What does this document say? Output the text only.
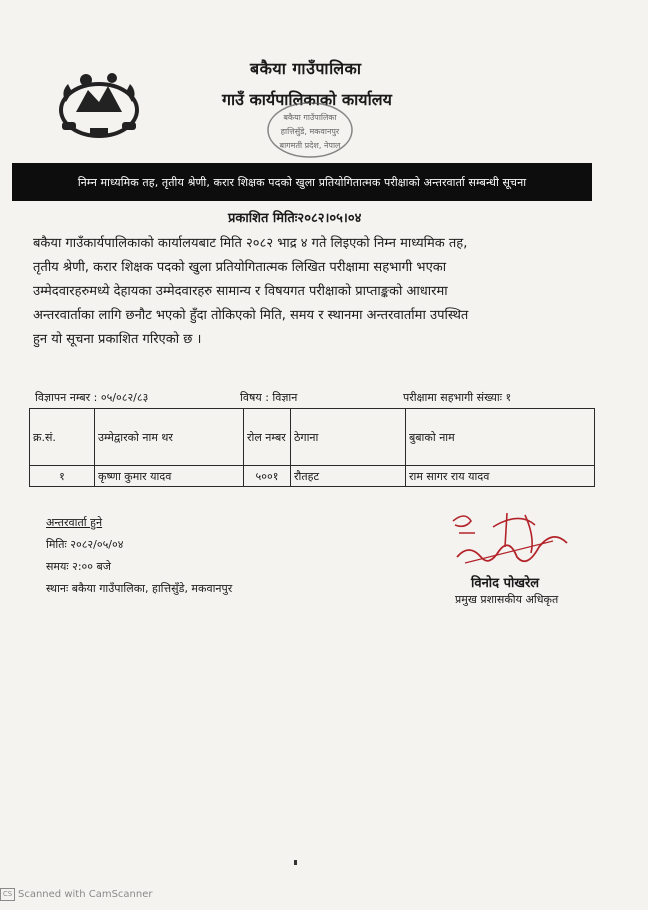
बकैया गाउँपालिका
गाउँ कार्यपालिकाको कार्यालय
बकैया गाउँपालिका
हात्तिसुँडे, मकवानपुर
बागमती प्रदेश, नेपाल
निम्न माध्यमिक तह, तृतीय श्रेणी, करार शिक्षक पदको खुला प्रतियोगितात्मक परीक्षाको अन्तरवार्ता सम्बन्धी सूचना
प्रकाशित मितिः२०८२।०५।०४
बकैया गाउँकार्यपालिकाको कार्यालयबाट मिति २०८२ भाद्र ४ गते लिइएको निम्न माध्यमिक तह,
तृतीय श्रेणी, करार शिक्षक पदको खुला प्रतियोगितात्मक लिखित परीक्षामा सहभागी भएका
उम्मेदवारहरुमध्ये देहायका उम्मेदवारहरु सामान्य र विषयगत परीक्षाको प्राप्ताङ्कको आधारमा
अन्तरवार्ताका लागि छनौट भएको हुँदा तोकिएको मिति, समय र स्थानमा अन्तरवार्तामा उपस्थित
हुन यो सूचना प्रकाशित गरिएको छ ।
विज्ञापन नम्बर : ०५/०८२/८३	विषय : विज्ञान	परीक्षामा सहभागी संख्याः १
क्र.सं.	उम्मेद्वारको नाम थर	रोल नम्बर	ठेगाना	बुबाको नाम
१	कृष्णा कुमार यादव	५००१	रौतहट	राम सागर राय यादव
अन्तरवार्ता हुने
मितिः २०८२/०५/०४
समयः २:०० बजे
स्थानः बकैया गाउँपालिका, हात्तिसुँडे, मकवानपुर	विनोद पोखरेल
प्रमुख प्रशासकीय अधिकृत
CS Scanned with CamScanner
